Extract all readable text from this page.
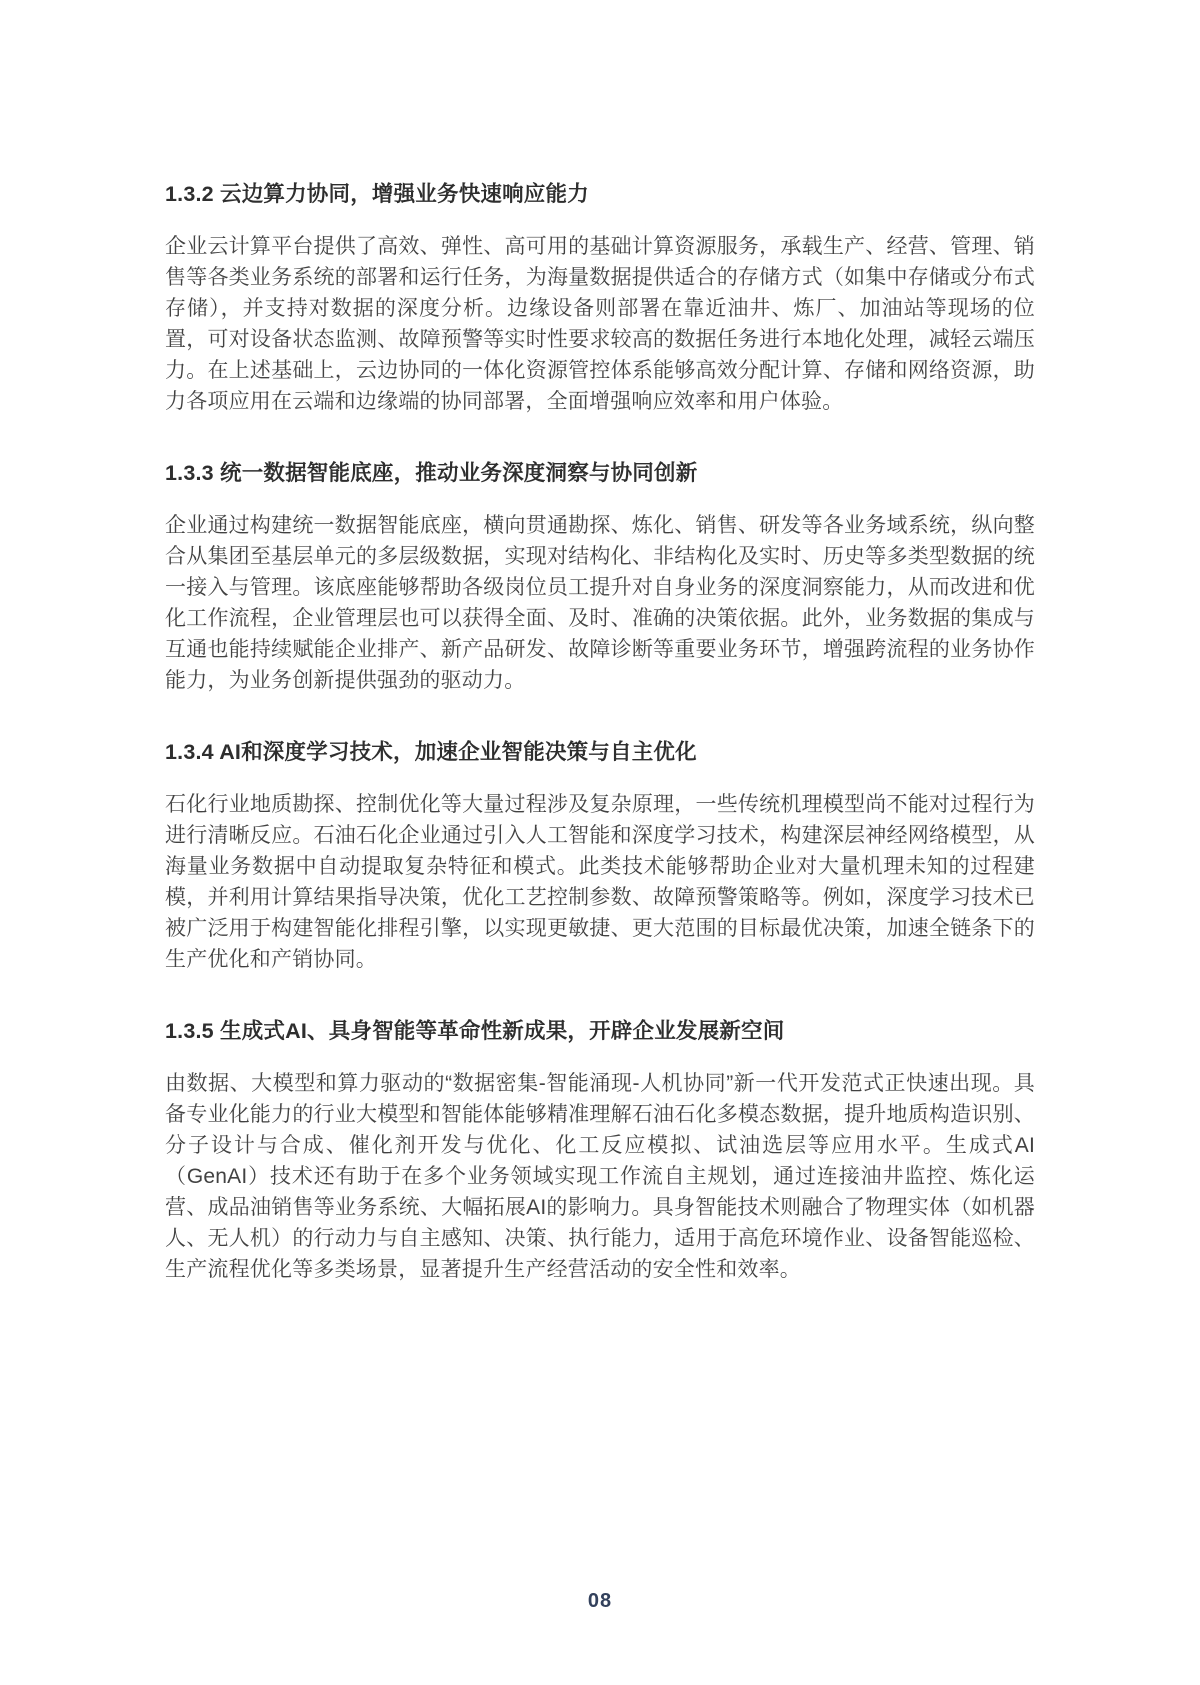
1.3.2 云边算力协同，增强业务快速响应能力

企业云计算平台提供了高效、弹性、高可用的基础计算资源服务，承载生产、经营、管理、销售等各类业务系统的部署和运行任务，为海量数据提供适合的存储方式（如集中存储或分布式存储），并支持对数据的深度分析。边缘设备则部署在靠近油井、炼厂、加油站等现场的位置，可对设备状态监测、故障预警等实时性要求较高的数据任务进行本地化处理，减轻云端压力。在上述基础上，云边协同的一体化资源管控体系能够高效分配计算、存储和网络资源，助力各项应用在云端和边缘端的协同部署，全面增强响应效率和用户体验。

1.3.3 统一数据智能底座，推动业务深度洞察与协同创新

企业通过构建统一数据智能底座，横向贯通勘探、炼化、销售、研发等各业务域系统，纵向整合从集团至基层单元的多层级数据，实现对结构化、非结构化及实时、历史等多类型数据的统一接入与管理。该底座能够帮助各级岗位员工提升对自身业务的深度洞察能力，从而改进和优化工作流程，企业管理层也可以获得全面、及时、准确的决策依据。此外，业务数据的集成与互通也能持续赋能企业排产、新产品研发、故障诊断等重要业务环节，增强跨流程的业务协作能力，为业务创新提供强劲的驱动力。

1.3.4 AI和深度学习技术，加速企业智能决策与自主优化

石化行业地质勘探、控制优化等大量过程涉及复杂原理，一些传统机理模型尚不能对过程行为进行清晰反应。石油石化企业通过引入人工智能和深度学习技术，构建深层神经网络模型，从海量业务数据中自动提取复杂特征和模式。此类技术能够帮助企业对大量机理未知的过程建模，并利用计算结果指导决策，优化工艺控制参数、故障预警策略等。例如，深度学习技术已被广泛用于构建智能化排程引擎，以实现更敏捷、更大范围的目标最优决策，加速全链条下的生产优化和产销协同。

1.3.5 生成式AI、具身智能等革命性新成果，开辟企业发展新空间

由数据、大模型和算力驱动的“数据密集-智能涌现-人机协同”新一代开发范式正快速出现。具备专业化能力的行业大模型和智能体能够精准理解石油石化多模态数据，提升地质构造识别、分子设计与合成、催化剂开发与优化、化工反应模拟、试油选层等应用水平。生成式AI（GenAI）技术还有助于在多个业务领域实现工作流自主规划，通过连接油井监控、炼化运营、成品油销售等业务系统、大幅拓展AI的影响力。具身智能技术则融合了物理实体（如机器人、无人机）的行动力与自主感知、决策、执行能力，适用于高危环境作业、设备智能巡检、生产流程优化等多类场景，显著提升生产经营活动的安全性和效率。

08
